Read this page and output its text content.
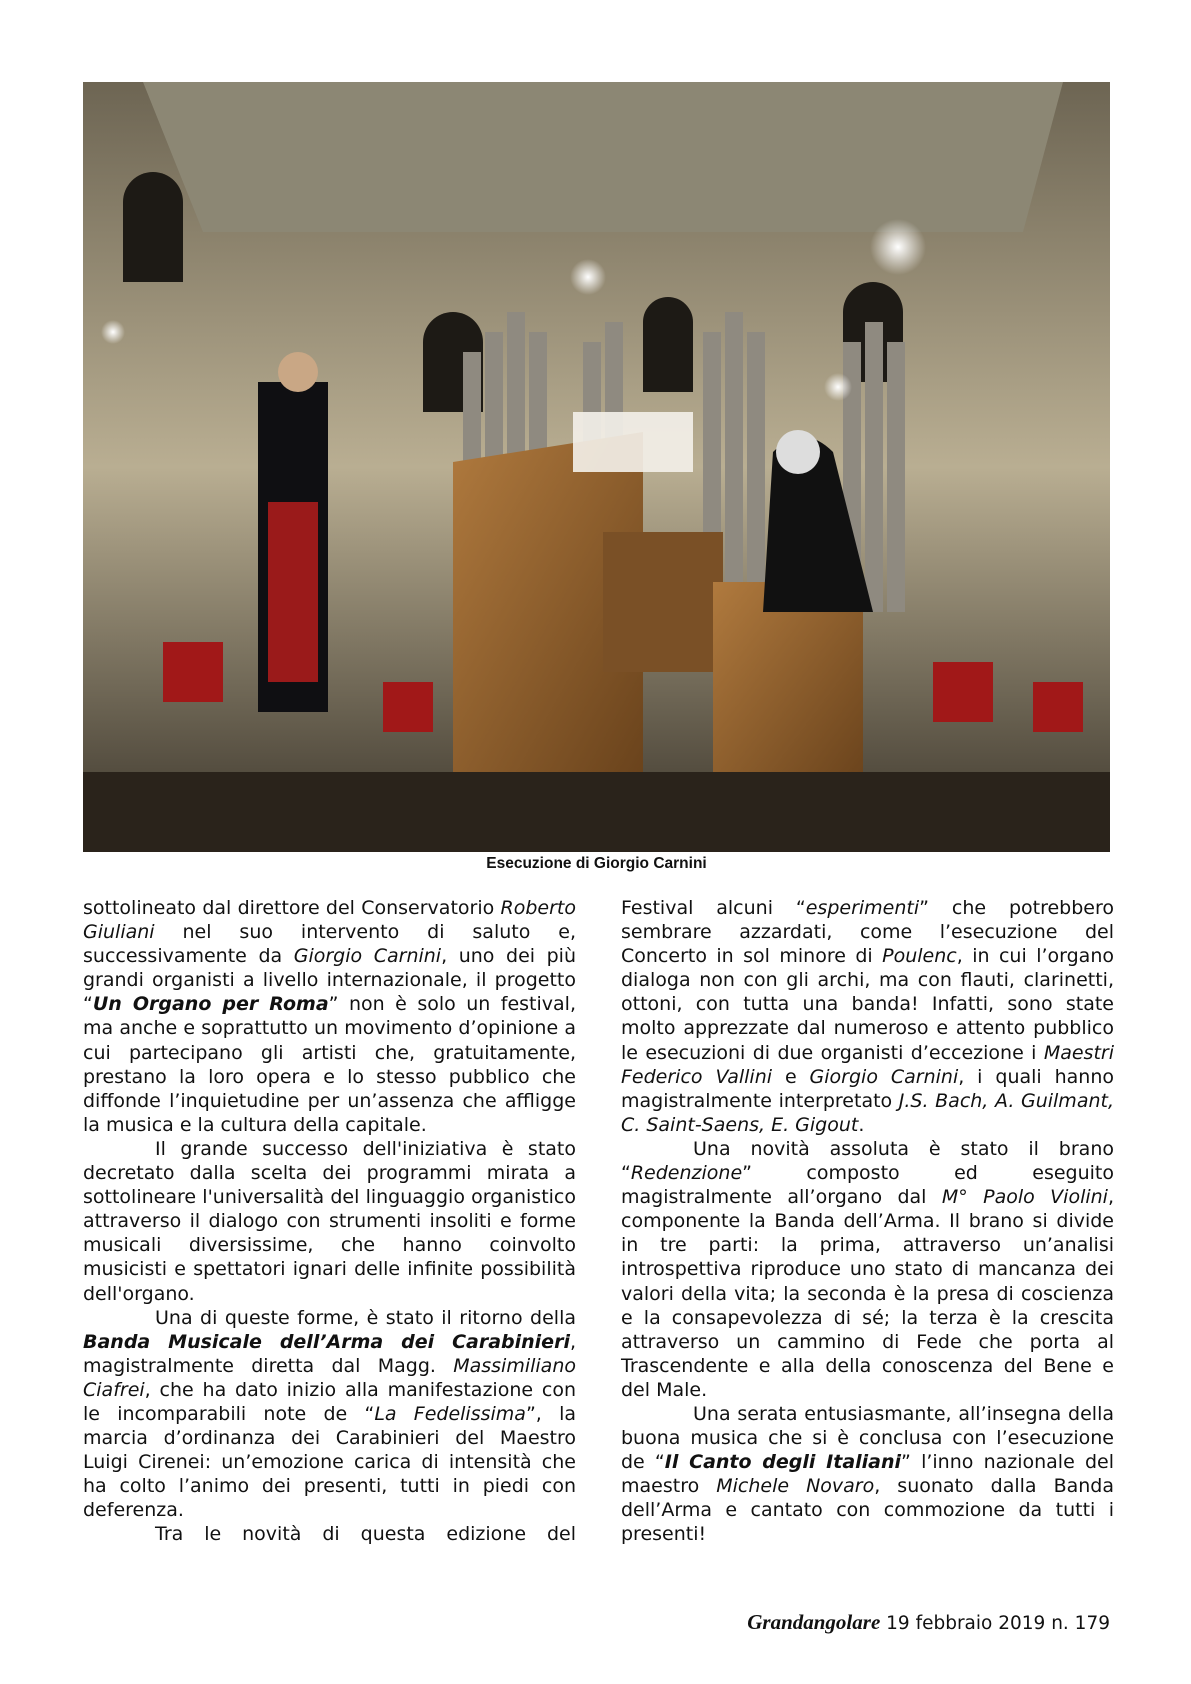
Esecuzione di Giorgio Carnini

sottolineato dal direttore del Conservatorio Roberto Giuliani nel suo intervento di saluto e, successivamente da Giorgio Carnini, uno dei più grandi organisti a livello internazionale, il progetto “Un Organo per Roma” non è solo un festival, ma anche e soprattutto un movimento d’opinione a cui partecipano gli artisti che, gratuitamente, prestano la loro opera e lo stesso pubblico che diffonde l’inquietudine per un’assenza che affligge la musica e la cultura della capitale.

Il grande successo dell'iniziativa è stato decretato dalla scelta dei programmi mirata a sottolineare l'universalità del linguaggio organistico attraverso il dialogo con strumenti insoliti e forme musicali diversissime, che hanno coinvolto musicisti e spettatori ignari delle infinite possibilità dell'organo.

Una di queste forme, è stato il ritorno della Banda Musicale dell’Arma dei Carabinieri, magistralmente diretta dal Magg. Massimiliano Ciafrei, che ha dato inizio alla manifestazione con le incomparabili note de “La Fedelissima”, la marcia d’ordinanza dei Carabinieri del Maestro Luigi Cirenei: un’emozione carica di intensità che ha colto l’animo dei presenti, tutti in piedi con deferenza.

Tra le novità di questa edizione del

Festival alcuni “esperimenti” che potrebbero sembrare azzardati, come l’esecuzione del Concerto in sol minore di Poulenc, in cui l’organo dialoga non con gli archi, ma con flauti, clarinetti, ottoni, con tutta una banda! Infatti, sono state molto apprezzate dal numeroso e attento pubblico le esecuzioni di due organisti d’eccezione i Maestri Federico Vallini e Giorgio Carnini, i quali hanno magistralmente interpretato J.S. Bach, A. Guilmant, C. Saint-Saens, E. Gigout.

Una novità assoluta è stato il brano “Redenzione” composto ed eseguito magistralmente all’organo dal M° Paolo Violini, componente la Banda dell’Arma. Il brano si divide in tre parti: la prima, attraverso un’analisi introspettiva riproduce uno stato di mancanza dei valori della vita; la seconda è la presa di coscienza e la consapevolezza di sé; la terza è la crescita attraverso un cammino di Fede che porta al Trascendente e alla della conoscenza del Bene e del Male.

Una serata entusiasmante, all’insegna della buona musica che si è conclusa con l’esecuzione de “Il Canto degli Italiani” l’inno nazionale del maestro Michele Novaro, suonato dalla Banda dell’Arma e cantato con commozione da tutti i presenti!

Grandangolare 19 febbraio 2019 n. 179
